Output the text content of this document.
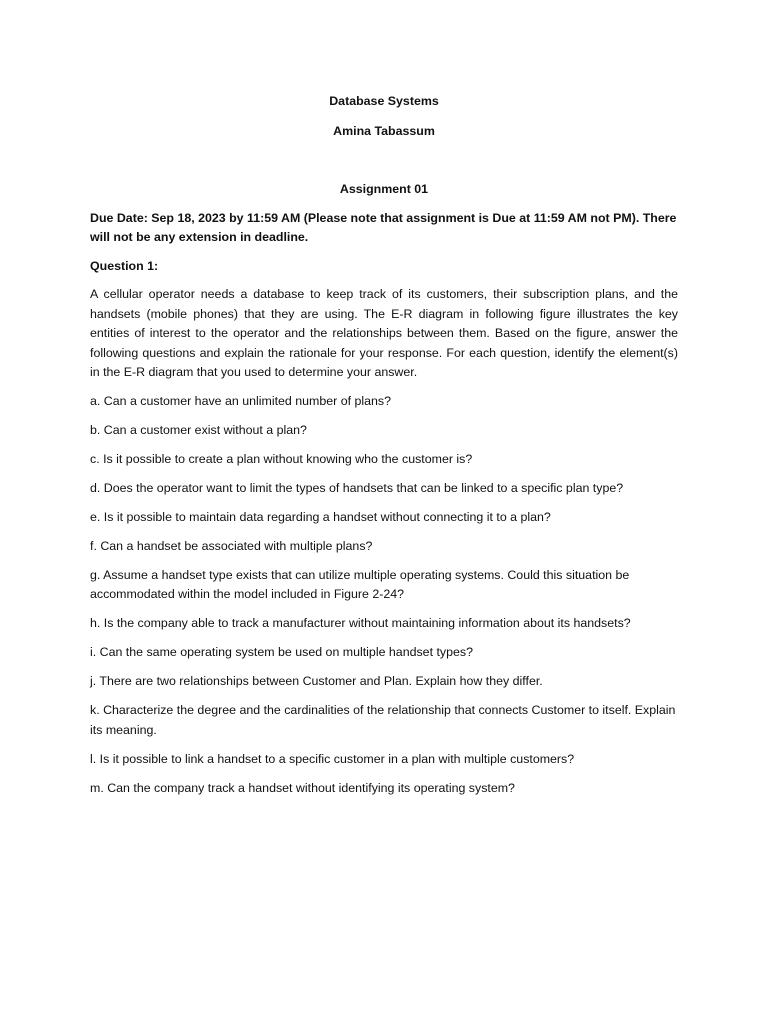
Database Systems

Amina Tabassum

Assignment 01

Due Date: Sep 18, 2023 by 11:59 AM (Please note that assignment is Due at 11:59 AM not PM). There will not be any extension in deadline.

Question 1:

A cellular operator needs a database to keep track of its customers, their subscription plans, and the handsets (mobile phones) that they are using. The E-R diagram in following figure illustrates the key entities of interest to the operator and the relationships between them. Based on the figure, answer the following questions and explain the rationale for your response. For each question, identify the element(s) in the E-R diagram that you used to determine your answer.

a. Can a customer have an unlimited number of plans?
b. Can a customer exist without a plan?
c. Is it possible to create a plan without knowing who the customer is?
d. Does the operator want to limit the types of handsets that can be linked to a specific plan type?
e. Is it possible to maintain data regarding a handset without connecting it to a plan?
f. Can a handset be associated with multiple plans?
g. Assume a handset type exists that can utilize multiple operating systems. Could this situation be accommodated within the model included in Figure 2-24?
h. Is the company able to track a manufacturer without maintaining information about its handsets?
i. Can the same operating system be used on multiple handset types?
j. There are two relationships between Customer and Plan. Explain how they differ.
k. Characterize the degree and the cardinalities of the relationship that connects Customer to itself. Explain its meaning.
l. Is it possible to link a handset to a specific customer in a plan with multiple customers?
m. Can the company track a handset without identifying its operating system?
